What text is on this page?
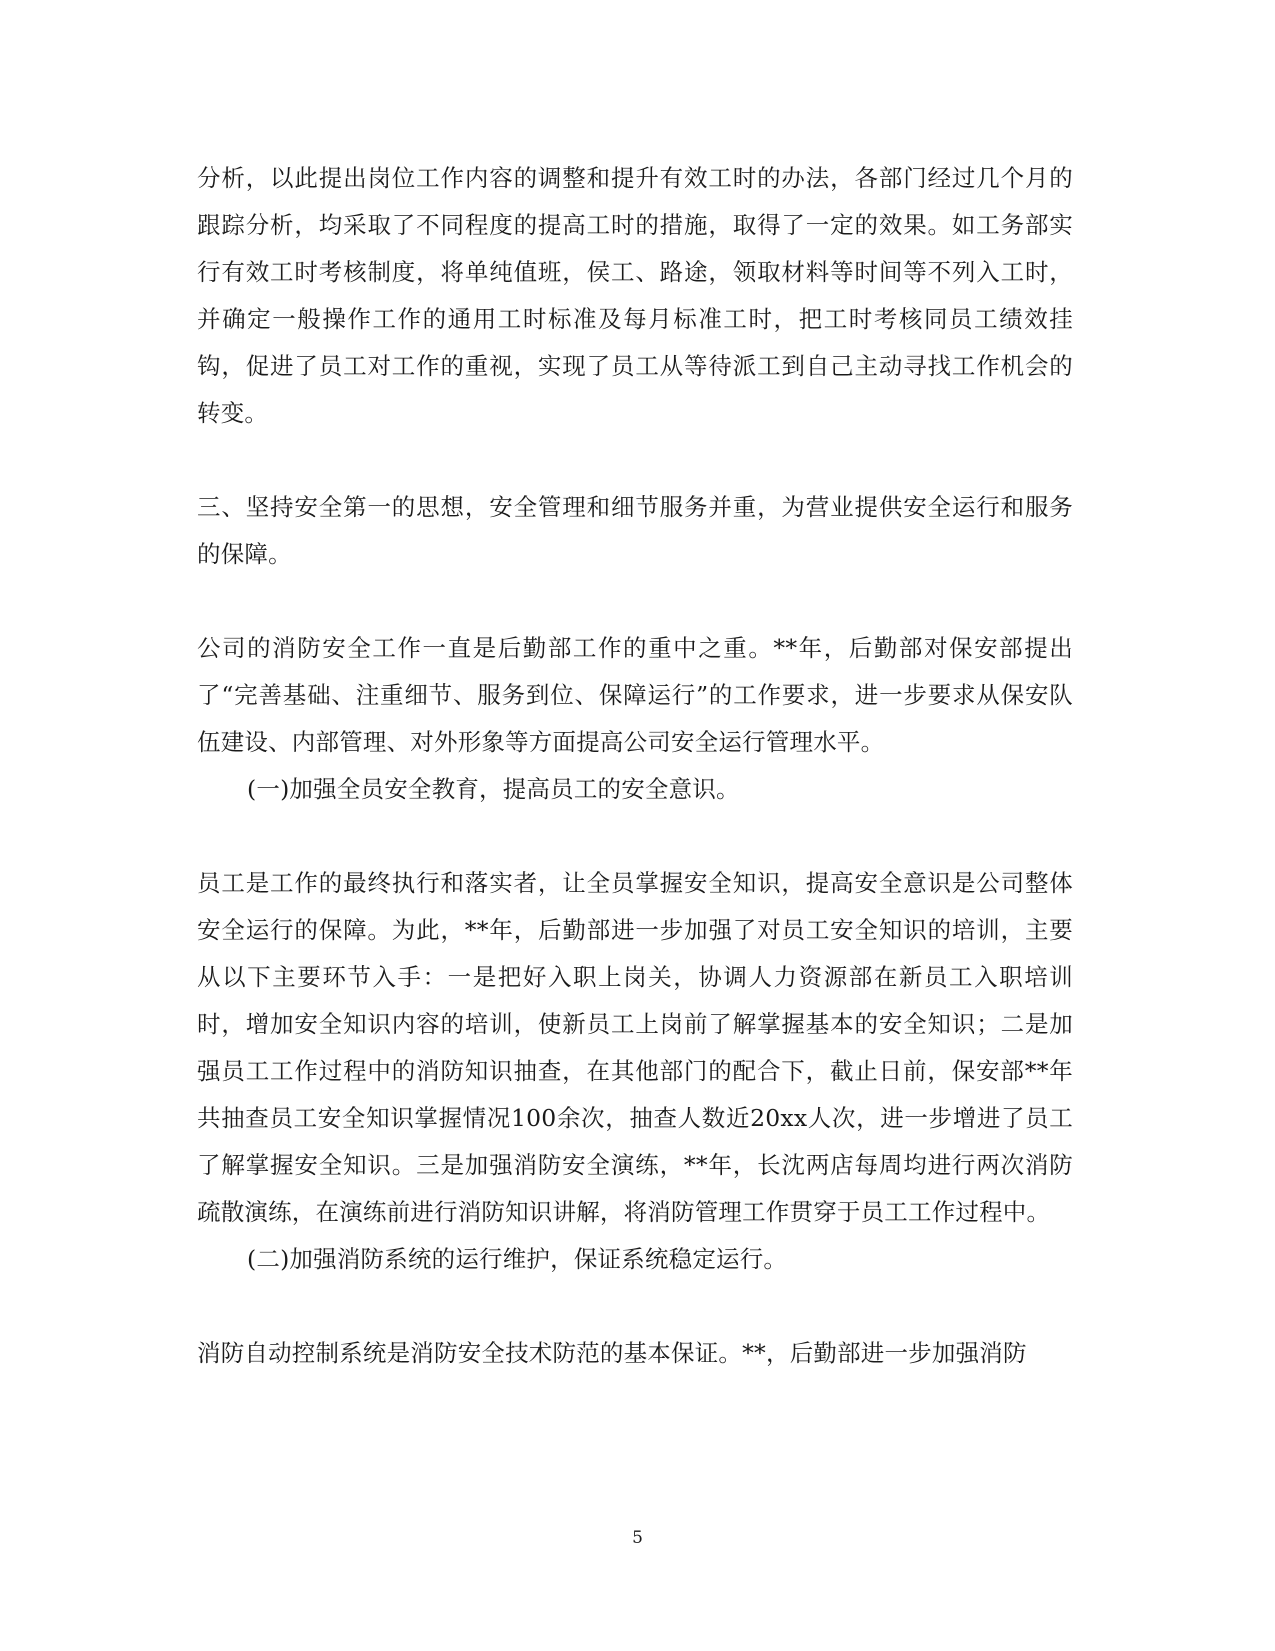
分析，以此提出岗位工作内容的调整和提升有效工时的办法，各部门经过几个月的跟踪分析，均采取了不同程度的提高工时的措施，取得了一定的效果。如工务部实行有效工时考核制度，将单纯值班，侯工、路途，领取材料等时间等不列入工时，并确定一般操作工作的通用工时标准及每月标准工时，把工时考核同员工绩效挂钩，促进了员工对工作的重视，实现了员工从等待派工到自己主动寻找工作机会的转变。

三、坚持安全第一的思想，安全管理和细节服务并重，为营业提供安全运行和服务的保障。

公司的消防安全工作一直是后勤部工作的重中之重。**年，后勤部对保安部提出了“完善基础、注重细节、服务到位、保障运行”的工作要求，进一步要求从保安队伍建设、内部管理、对外形象等方面提高公司安全运行管理水平。

(一)加强全员安全教育，提高员工的安全意识。

员工是工作的最终执行和落实者，让全员掌握安全知识，提高安全意识是公司整体安全运行的保障。为此，**年，后勤部进一步加强了对员工安全知识的培训，主要从以下主要环节入手：一是把好入职上岗关，协调人力资源部在新员工入职培训时，增加安全知识内容的培训，使新员工上岗前了解掌握基本的安全知识；二是加强员工工作过程中的消防知识抽查，在其他部门的配合下，截止日前，保安部**年共抽查员工安全知识掌握情况100余次，抽查人数近20xx人次，进一步增进了员工了解掌握安全知识。三是加强消防安全演练，**年，长沈两店每周均进行两次消防疏散演练，在演练前进行消防知识讲解，将消防管理工作贯穿于员工工作过程中。

(二)加强消防系统的运行维护，保证系统稳定运行。

消防自动控制系统是消防安全技术防范的基本保证。**，后勤部进一步加强消防

5
